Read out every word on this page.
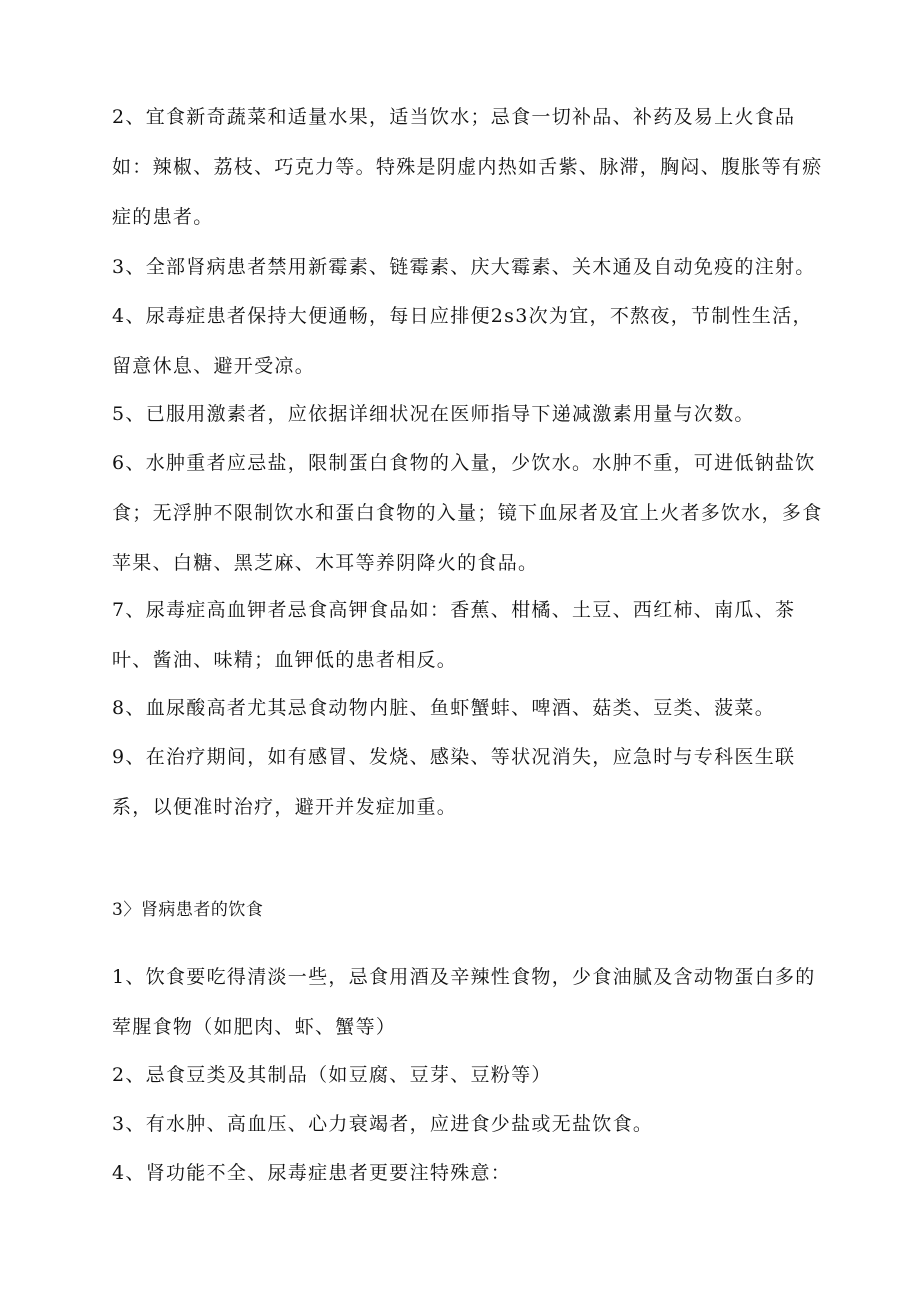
2、宜食新奇蔬菜和适量水果，适当饮水；忌食一切补品、补药及易上火食品如：辣椒、荔枝、巧克力等。特殊是阴虚内热如舌紫、脉滞，胸闷、腹胀等有瘀症的患者。

3、全部肾病患者禁用新霉素、链霉素、庆大霉素、关木通及自动免疫的注射。

4、尿毒症患者保持大便通畅，每日应排便2s3次为宜，不熬夜，节制性生活，留意休息、避开受凉。

5、已服用激素者，应依据详细状况在医师指导下递减激素用量与次数。

6、水肿重者应忌盐，限制蛋白食物的入量，少饮水。水肿不重，可进低钠盐饮食；无浮肿不限制饮水和蛋白食物的入量；镜下血尿者及宜上火者多饮水，多食苹果、白糖、黑芝麻、木耳等养阴降火的食品。

7、尿毒症高血钾者忌食高钾食品如：香蕉、柑橘、土豆、西红柿、南瓜、茶叶、酱油、味精；血钾低的患者相反。

8、血尿酸高者尤其忌食动物内脏、鱼虾蟹蚌、啤酒、菇类、豆类、菠菜。

9、在治疗期间，如有感冒、发烧、感染、等状况消失，应急时与专科医生联系，以便准时治疗，避开并发症加重。

3〉肾病患者的饮食

1、饮食要吃得清淡一些，忌食用酒及辛辣性食物，少食油腻及含动物蛋白多的荤腥食物（如肥肉、虾、蟹等）

2、忌食豆类及其制品（如豆腐、豆芽、豆粉等）

3、有水肿、高血压、心力衰竭者，应进食少盐或无盐饮食。

4、肾功能不全、尿毒症患者更要注特殊意：
